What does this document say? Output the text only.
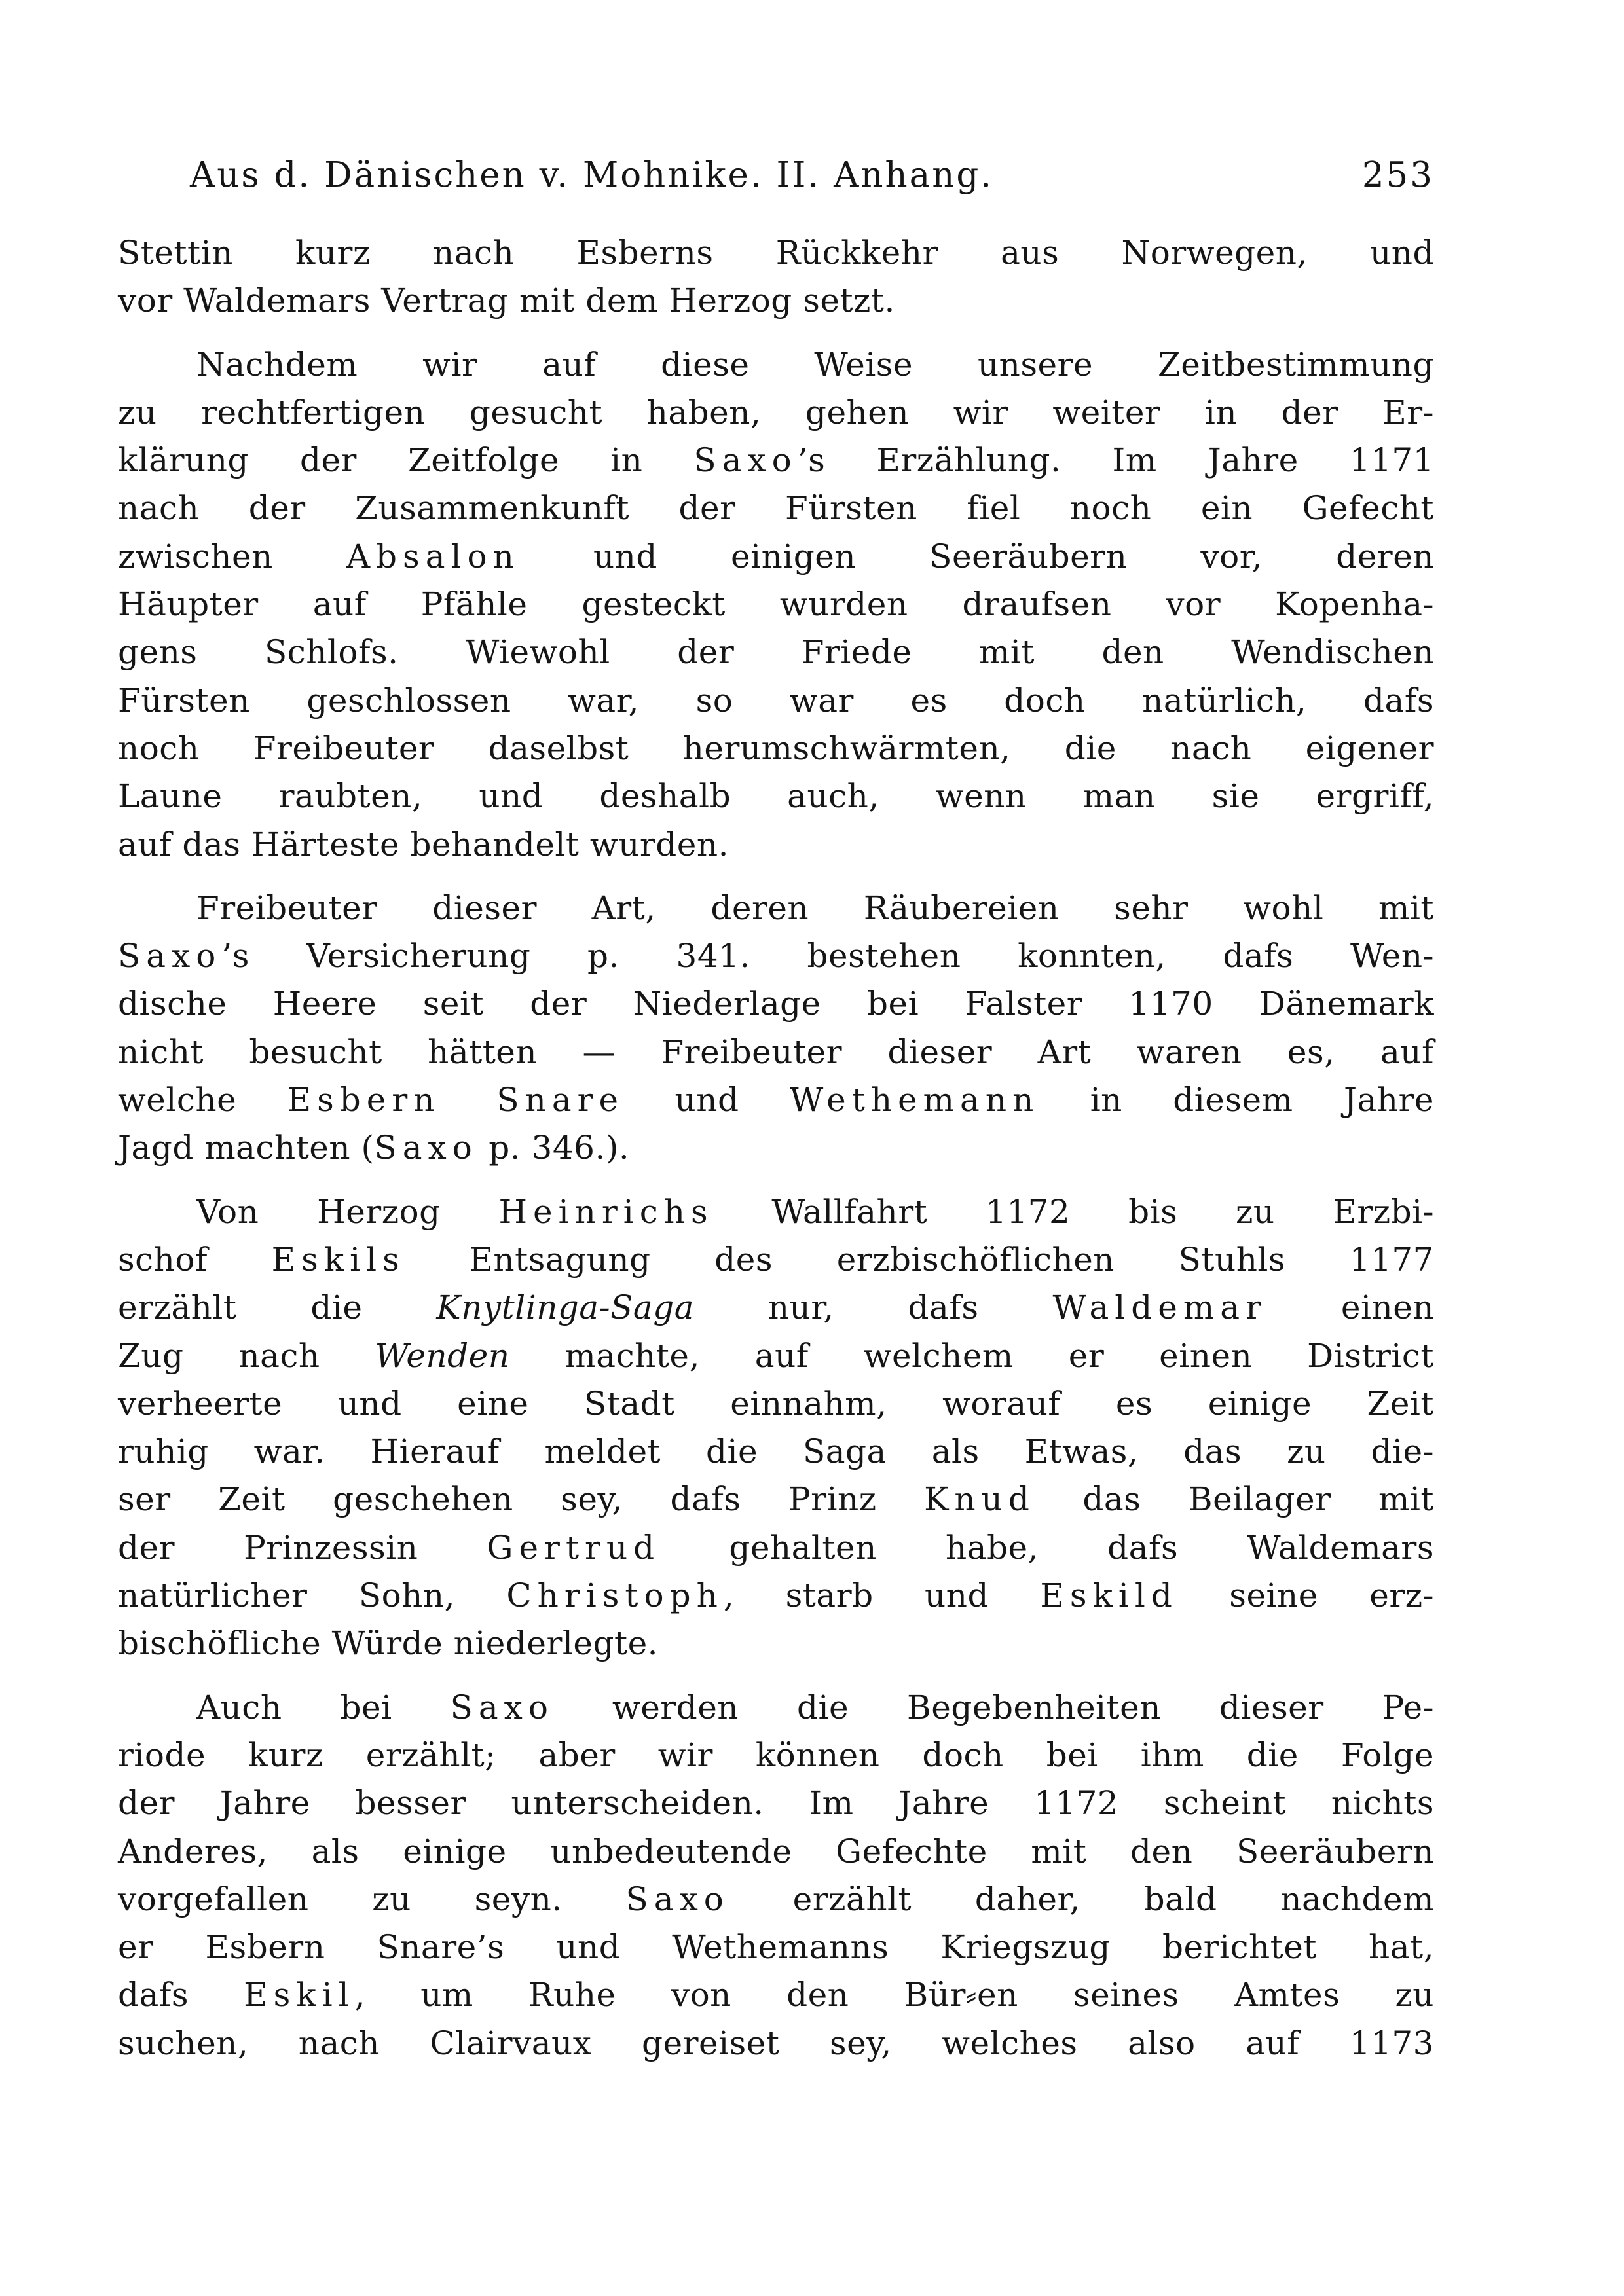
Aus d. Dänischen v. Mohnike. II. Anhang.	253
Stettin kurz nach Esberns Rückkehr aus Norwegen, und
vor Waldemars Vertrag mit dem Herzog setzt.
Nachdem wir auf diese Weise unsere Zeitbestimmung
zu rechtfertigen gesucht haben, gehen wir weiter in der Er-
klärung der Zeitfolge in Saxo’s Erzählung. Im Jahre 1171
nach der Zusammenkunft der Fürsten fiel noch ein Gefecht
zwischen Absalon und einigen Seeräubern vor, deren
Häupter auf Pfähle gesteckt wurden draufsen vor Kopenha-
gens Schlofs. Wiewohl der Friede mit den Wendischen
Fürsten geschlossen war, so war es doch natürlich, dafs
noch Freibeuter daselbst herumschwärmten, die nach eigener
Laune raubten, und deshalb auch, wenn man sie ergriff,
auf das Härteste behandelt wurden.
Freibeuter dieser Art, deren Räubereien sehr wohl mit
Saxo’s Versicherung p. 341. bestehen konnten, dafs Wen-
dische Heere seit der Niederlage bei Falster 1170 Dänemark
nicht besucht hätten — Freibeuter dieser Art waren es, auf
welche Esbern Snare und Wethemann in diesem Jahre
Jagd machten (Saxo p. 346.).
Von Herzog Heinrichs Wallfahrt 1172 bis zu Erzbi-
schof Eskils Entsagung des erzbischöflichen Stuhls 1177
erzählt die Knytlinga-Saga nur, dafs Waldemar einen
Zug nach Wenden machte, auf welchem er einen District
verheerte und eine Stadt einnahm, worauf es einige Zeit
ruhig war. Hierauf meldet die Saga als Etwas, das zu die-
ser Zeit geschehen sey, dafs Prinz Knud das Beilager mit
der Prinzessin Gertrud gehalten habe, dafs Waldemars
natürlicher Sohn, Christoph, starb und Eskild seine erz-
bischöfliche Würde niederlegte.
Auch bei Saxo werden die Begebenheiten dieser Pe-
riode kurz erzählt; aber wir können doch bei ihm die Folge
der Jahre besser unterscheiden. Im Jahre 1172 scheint nichts
Anderes, als einige unbedeutende Gefechte mit den Seeräubern
vorgefallen zu seyn. Saxo erzählt daher, bald nachdem
er Esbern Snare’s und Wethemanns Kriegszug berichtet hat,
dafs Eskil, um Ruhe von den Bür⸗en seines Amtes zu
suchen, nach Clairvaux gereiset sey, welches also auf 1173
